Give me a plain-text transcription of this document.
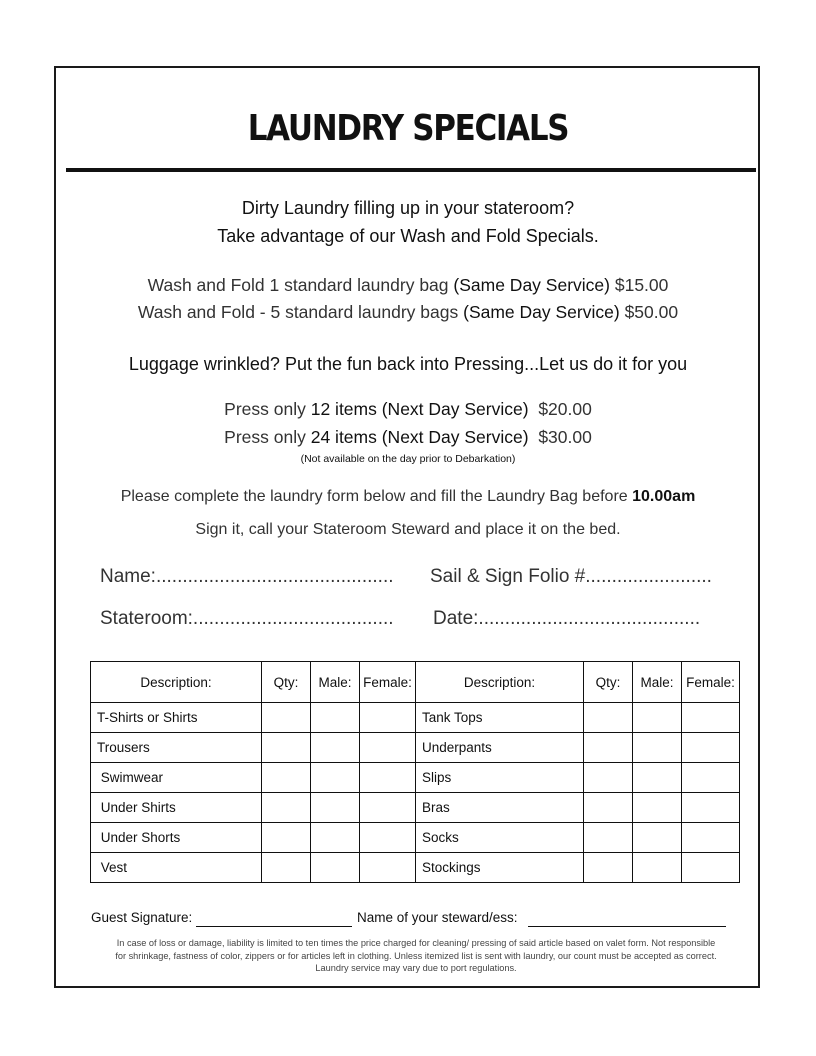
LAUNDRY SPECIALS
Dirty Laundry filling up in your stateroom?
Take advantage of our Wash and Fold Specials.
Wash and Fold 1 standard laundry bag (Same Day Service) $15.00
Wash and Fold - 5 standard laundry bags (Same Day Service) $50.00
Luggage wrinkled? Put the fun back into Pressing...Let us do it for you
Press only 12 items (Next Day Service) $20.00
Press only 24 items (Next Day Service) $30.00
(Not available on the day prior to Debarkation)
Please complete the laundry form below and fill the Laundry Bag before 10.00am
Sign it, call your Stateroom Steward and place it on the bed.
Name:............................................. Sail & Sign Folio #........................
Stateroom:...................................... Date:..........................................
Description:	Qty:	Male:	Female:	Description:	Qty:	Male:	Female:
T-Shirts or Shirts				Tank Tops			
Trousers				Underpants			
Swimwear				Slips			
Under Shirts				Bras			
Under Shorts				Socks			
Vest				Stockings			
Guest Signature:	Name of your steward/ess:
In case of loss or damage, liability is limited to ten times the price charged for cleaning/ pressing of said article based on valet form. Not responsible
for shrinkage, fastness of color, zippers or for articles left in clothing. Unless itemized list is sent with laundry, our count must be accepted as correct.
Laundry service may vary due to port regulations.
